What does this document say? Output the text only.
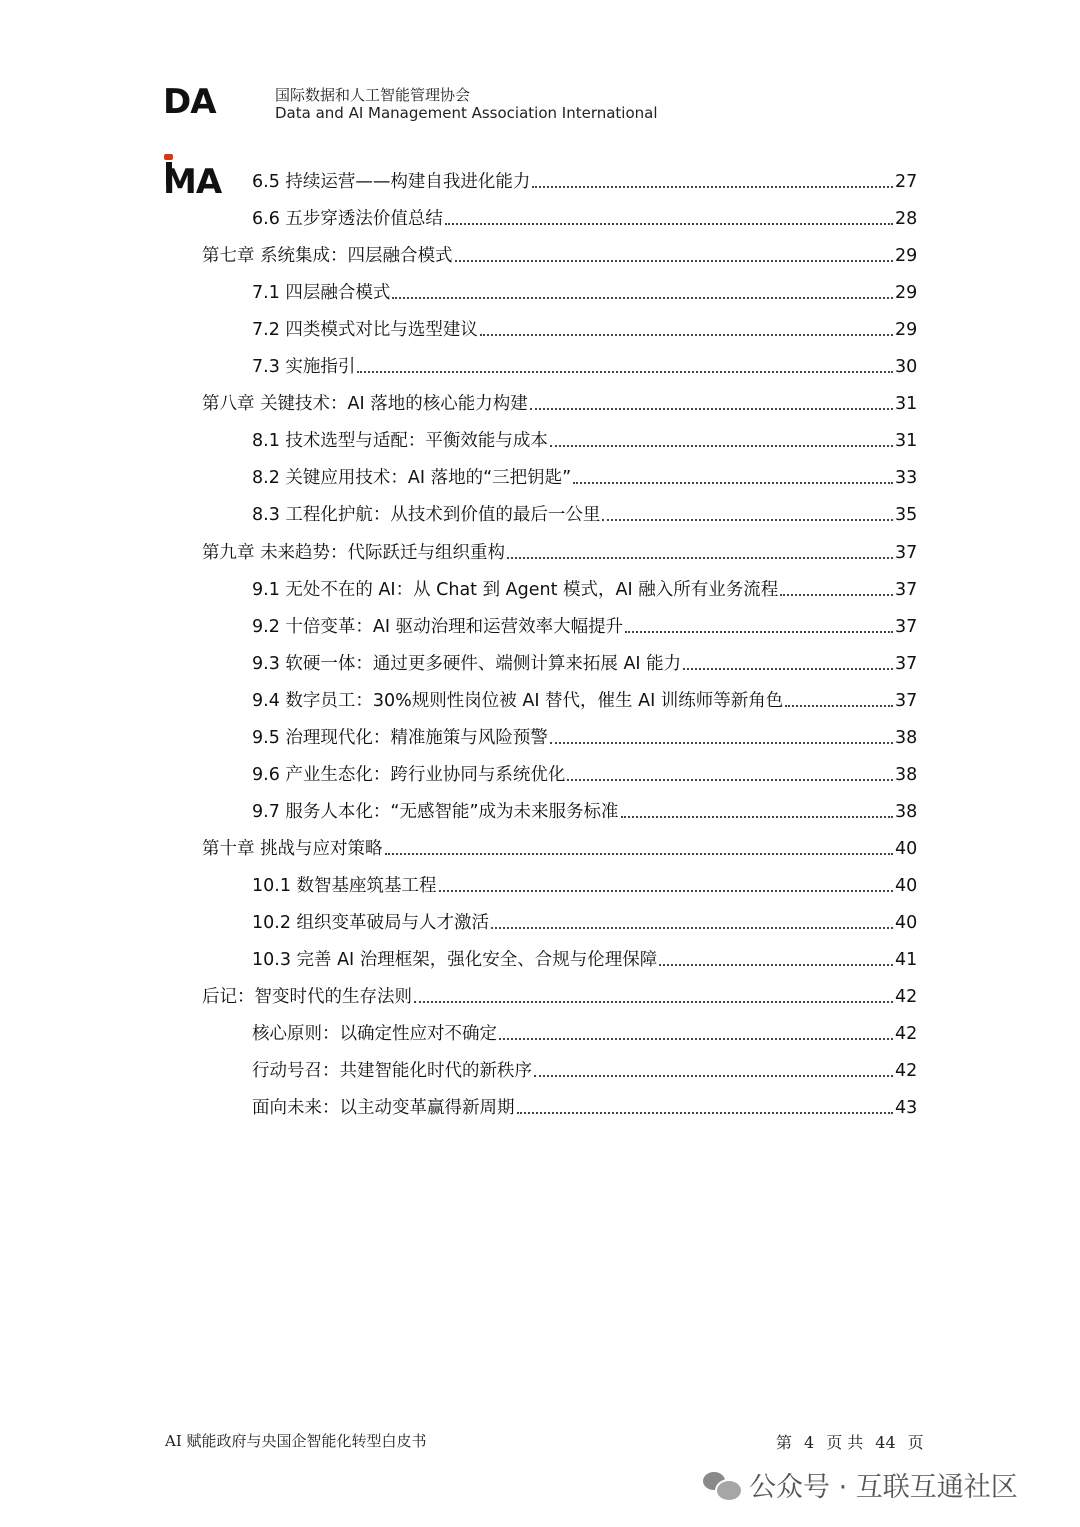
DAMA
国际数据和人工智能管理协会
Data and AI Management Association International
6.5 持续运营——构建自我进化能力	27
6.6 五步穿透法价值总结	28
第七章 系统集成：四层融合模式	29
7.1 四层融合模式	29
7.2 四类模式对比与选型建议	29
7.3 实施指引	30
第八章 关键技术：AI 落地的核心能力构建	31
8.1 技术选型与适配：平衡效能与成本	31
8.2 关键应用技术：AI 落地的“三把钥匙”	33
8.3 工程化护航：从技术到价值的最后一公里	35
第九章 未来趋势：代际跃迁与组织重构	37
9.1 无处不在的 AI：从 Chat 到 Agent 模式，AI 融入所有业务流程	37
9.2 十倍变革：AI 驱动治理和运营效率大幅提升	37
9.3 软硬一体：通过更多硬件、端侧计算来拓展 AI 能力	37
9.4 数字员工：30%规则性岗位被 AI 替代，催生 AI 训练师等新角色	37
9.5 治理现代化：精准施策与风险预警	38
9.6 产业生态化：跨行业协同与系统优化	38
9.7 服务人本化：“无感智能”成为未来服务标准	38
第十章 挑战与应对策略	40
10.1 数智基座筑基工程	40
10.2 组织变革破局与人才激活	40
10.3 完善 AI 治理框架，强化安全、合规与伦理保障	41
后记：智变时代的生存法则	42
核心原则：以确定性应对不确定	42
行动号召：共建智能化时代的新秩序	42
面向未来：以主动变革赢得新周期	43
AI 赋能政府与央国企智能化转型白皮书	第 4 页 共 44 页
公众号 · 互联互通社区
